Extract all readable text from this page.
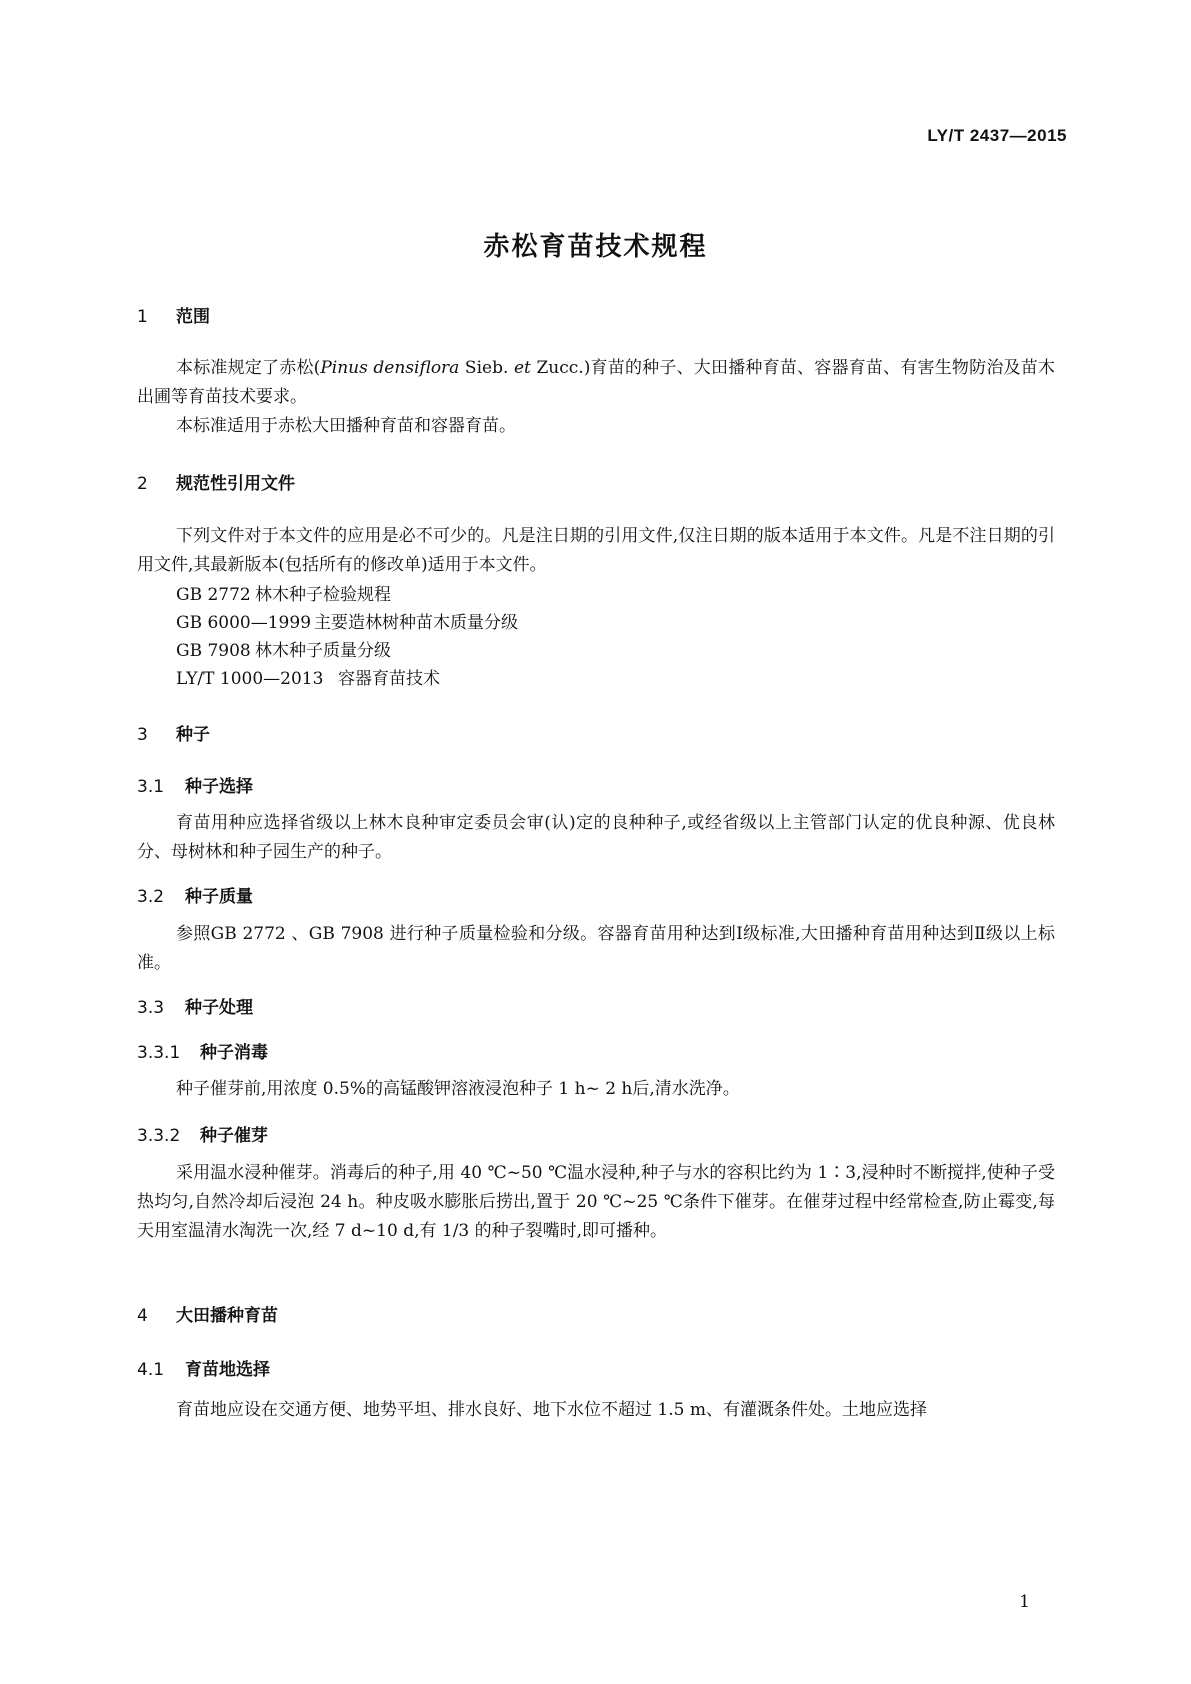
LY/T 2437—2015
赤松育苗技术规程
1 范围
本标准规定了赤松(Pinus densiflora Sieb. et Zucc.)育苗的种子、大田播种育苗、容器育苗、有害生物防治及苗木出圃等育苗技术要求。
本标准适用于赤松大田播种育苗和容器育苗。
2 规范性引用文件
下列文件对于本文件的应用是必不可少的。凡是注日期的引用文件,仅注日期的版本适用于本文件。凡是不注日期的引用文件,其最新版本(包括所有的修改单)适用于本文件。
GB 2772 林木种子检验规程
GB 6000—1999 主要造林树种苗木质量分级
GB 7908 林木种子质量分级
LY/T 1000—2013 容器育苗技术
3 种子
3.1 种子选择
育苗用种应选择省级以上林木良种审定委员会审(认)定的良种种子,或经省级以上主管部门认定的优良种源、优良林分、母树林和种子园生产的种子。
3.2 种子质量
参照GB 2772 、GB 7908 进行种子质量检验和分级。容器育苗用种达到Ⅰ级标准,大田播种育苗用种达到Ⅱ级以上标准。
3.3 种子处理
3.3.1 种子消毒
种子催芽前,用浓度 0.5%的高锰酸钾溶液浸泡种子 1 h~ 2 h后,清水洗净。
3.3.2 种子催芽
采用温水浸种催芽。消毒后的种子,用 40 ℃~50 ℃温水浸种,种子与水的容积比约为 1∶3,浸种时不断搅拌,使种子受热均匀,自然冷却后浸泡 24 h。种皮吸水膨胀后捞出,置于 20 ℃~25 ℃条件下催芽。在催芽过程中经常检查,防止霉变,每天用室温清水淘洗一次,经 7 d~10 d,有 1/3 的种子裂嘴时,即可播种。
4 大田播种育苗
4.1 育苗地选择
育苗地应设在交通方便、地势平坦、排水良好、地下水位不超过 1.5 m、有灌溉条件处。土地应选择
1
